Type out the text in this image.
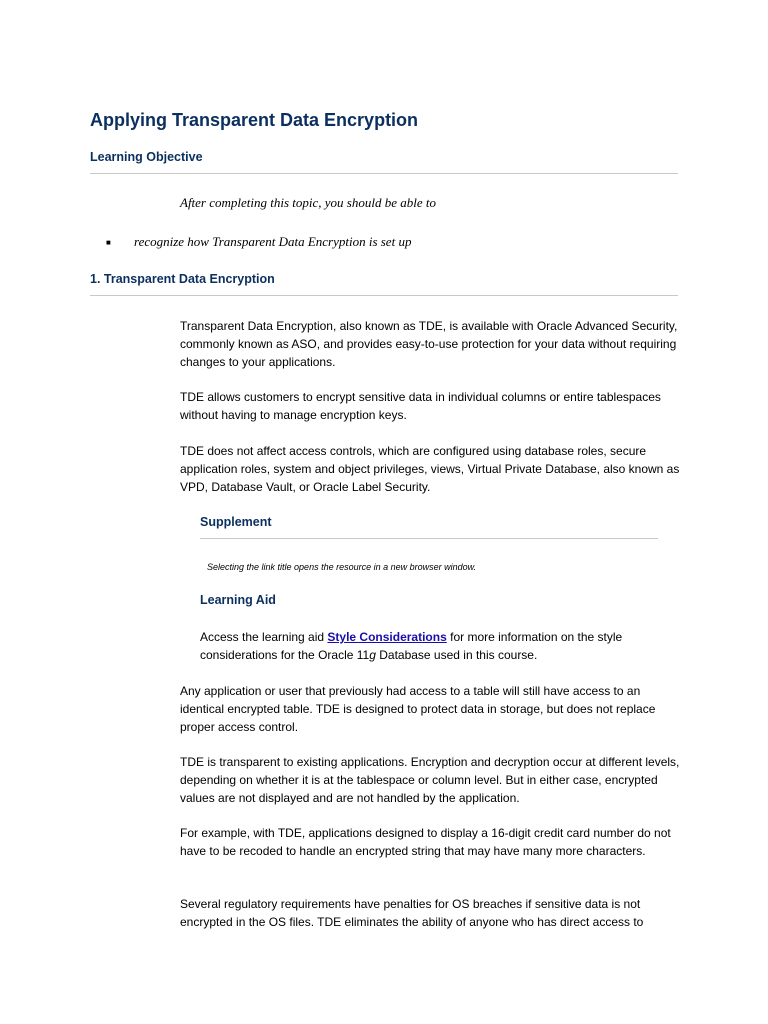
Applying Transparent Data Encryption
Learning Objective
After completing this topic, you should be able to
■ recognize how Transparent Data Encryption is set up
1. Transparent Data Encryption

Transparent Data Encryption, also known as TDE, is available with Oracle Advanced Security, commonly known as ASO, and provides easy-to-use protection for your data without requiring changes to your applications.

TDE allows customers to encrypt sensitive data in individual columns or entire tablespaces without having to manage encryption keys.

TDE does not affect access controls, which are configured using database roles, secure application roles, system and object privileges, views, Virtual Private Database, also known as VPD, Database Vault, or Oracle Label Security.

Supplement
Selecting the link title opens the resource in a new browser window.
Learning Aid

Access the learning aid Style Considerations for more information on the style considerations for the Oracle 11g Database used in this course.

Any application or user that previously had access to a table will still have access to an identical encrypted table. TDE is designed to protect data in storage, but does not replace proper access control.

TDE is transparent to existing applications. Encryption and decryption occur at different levels, depending on whether it is at the tablespace or column level. But in either case, encrypted values are not displayed and are not handled by the application.

For example, with TDE, applications designed to display a 16-digit credit card number do not have to be recoded to handle an encrypted string that may have many more characters.

Several regulatory requirements have penalties for OS breaches if sensitive data is not encrypted in the OS files. TDE eliminates the ability of anyone who has direct access to
